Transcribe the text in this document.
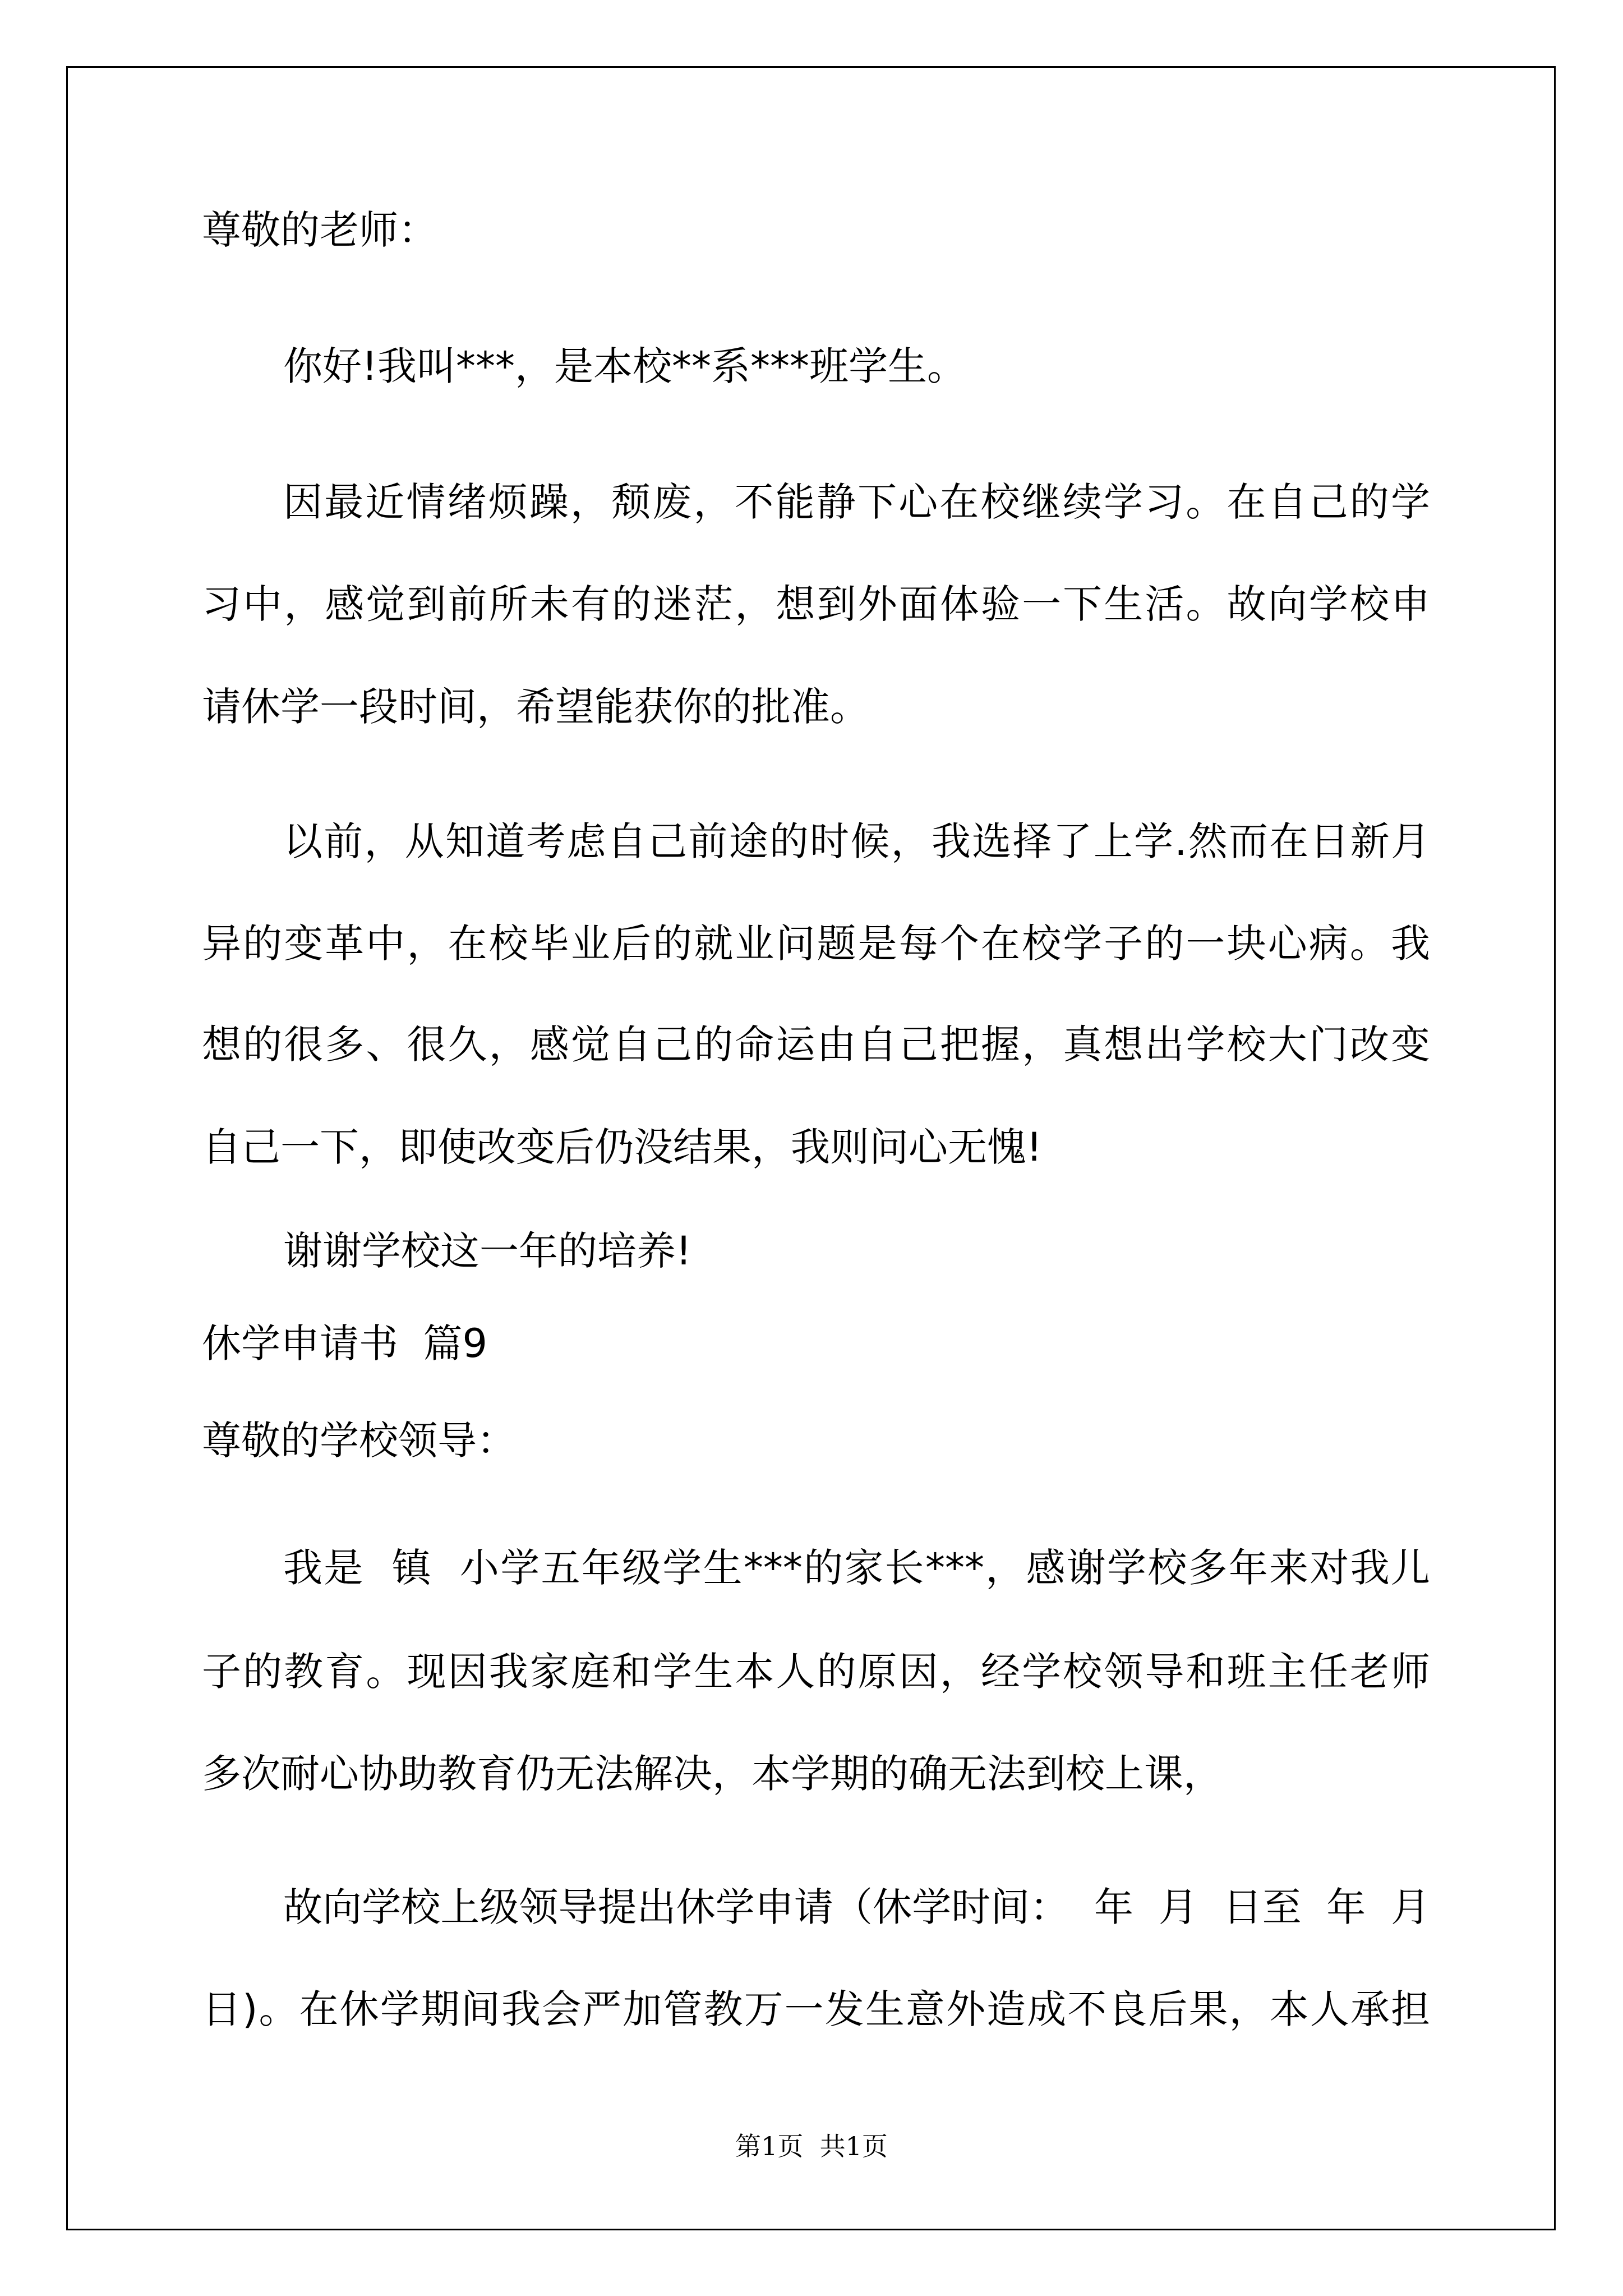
尊敬的老师：
你好!我叫***，是本校**系***班学生。
因最近情绪烦躁，颓废，不能静下心在校继续学习。在自己的学
习中，感觉到前所未有的迷茫，想到外面体验一下生活。故向学校申
请休学一段时间，希望能获你的批准。
以前，从知道考虑自己前途的时候，我选择了上学.然而在日新月
异的变革中，在校毕业后的就业问题是每个在校学子的一块心病。我
想的很多、很久，感觉自己的命运由自己把握，真想出学校大门改变
自己一下，即使改变后仍没结果，我则问心无愧!
谢谢学校这一年的培养!
休学申请书  篇9
尊敬的学校领导：
我是  镇  小学五年级学生***的家长***，感谢学校多年来对我儿
子的教育。现因我家庭和学生本人的原因，经学校领导和班主任老师
多次耐心协助教育仍无法解决，本学期的确无法到校上课，
故向学校上级领导提出休学申请（休学时间：  年  月  日至  年  月
日)。在休学期间我会严加管教万一发生意外造成不良后果，本人承担
第1页  共1页
